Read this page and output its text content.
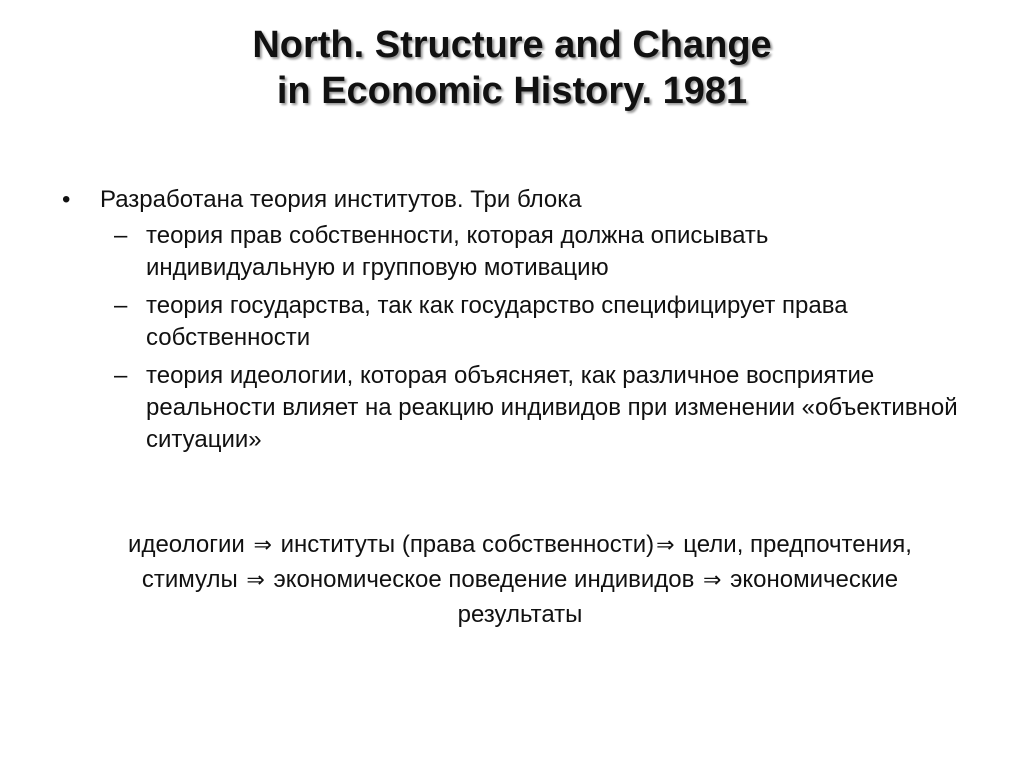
North. Structure and Change
in Economic History. 1981
• Разработана теория институтов. Три блока
– теория прав собственности, которая должна описывать индивидуальную и групповую мотивацию
– теория государства, так как государство специфицирует права собственности
– теория идеологии, которая объясняет, как различное восприятие реальности влияет на реакцию индивидов при изменении «объективной ситуации»
идеологии ⇒ институты (права собственности)⇒ цели, предпочтения, стимулы ⇒ экономическое поведение индивидов ⇒ экономические результаты
